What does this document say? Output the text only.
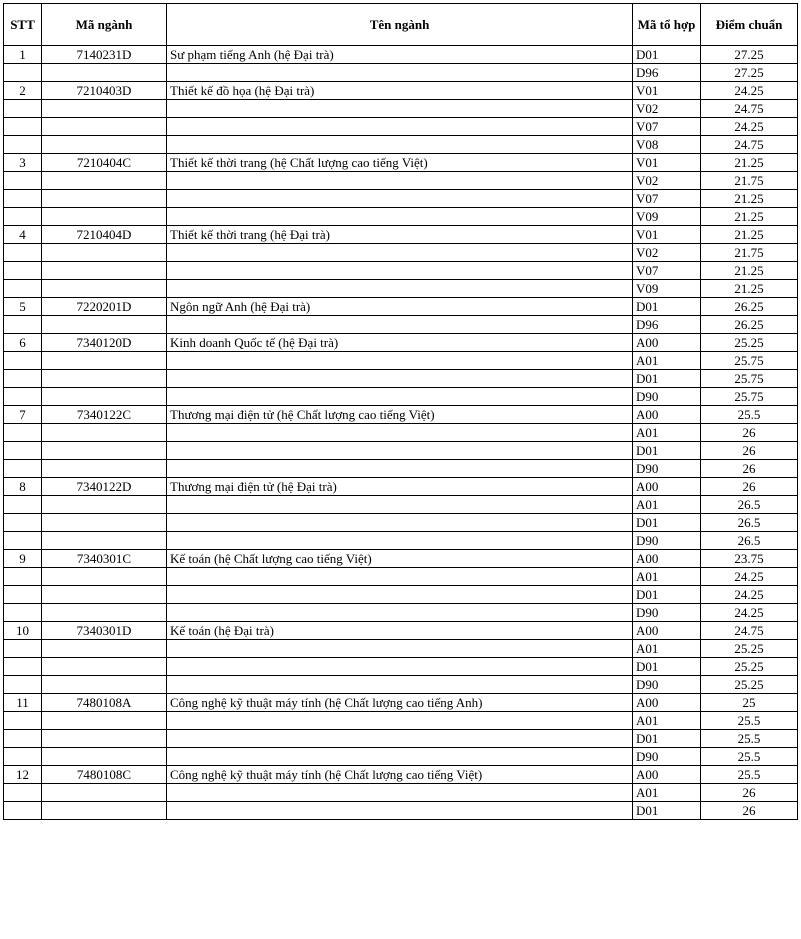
STT	Mã ngành	Tên ngành	Mã tổ hợp	Điểm chuẩn
1	7140231D	Sư phạm tiếng Anh (hệ Đại trà)	D01	27.25
			D96	27.25
2	7210403D	Thiết kế đồ họa (hệ Đại trà)	V01	24.25
			V02	24.75
			V07	24.25
			V08	24.75
3	7210404C	Thiết kế thời trang (hệ Chất lượng cao tiếng Việt)	V01	21.25
			V02	21.75
			V07	21.25
			V09	21.25
4	7210404D	Thiết kế thời trang (hệ Đại trà)	V01	21.25
			V02	21.75
			V07	21.25
			V09	21.25
5	7220201D	Ngôn ngữ Anh (hệ Đại trà)	D01	26.25
			D96	26.25
6	7340120D	Kinh doanh Quốc tế (hệ Đại trà)	A00	25.25
			A01	25.75
			D01	25.75
			D90	25.75
7	7340122C	Thương mại điện tử (hệ Chất lượng cao tiếng Việt)	A00	25.5
			A01	26
			D01	26
			D90	26
8	7340122D	Thương mại điện tử (hệ Đại trà)	A00	26
			A01	26.5
			D01	26.5
			D90	26.5
9	7340301C	Kế toán (hệ Chất lượng cao tiếng Việt)	A00	23.75
			A01	24.25
			D01	24.25
			D90	24.25
10	7340301D	Kế toán (hệ Đại trà)	A00	24.75
			A01	25.25
			D01	25.25
			D90	25.25
11	7480108A	Công nghệ kỹ thuật máy tính (hệ Chất lượng cao tiếng Anh)	A00	25
			A01	25.5
			D01	25.5
			D90	25.5
12	7480108C	Công nghệ kỹ thuật máy tính (hệ Chất lượng cao tiếng Việt)	A00	25.5
			A01	26
			D01	26
